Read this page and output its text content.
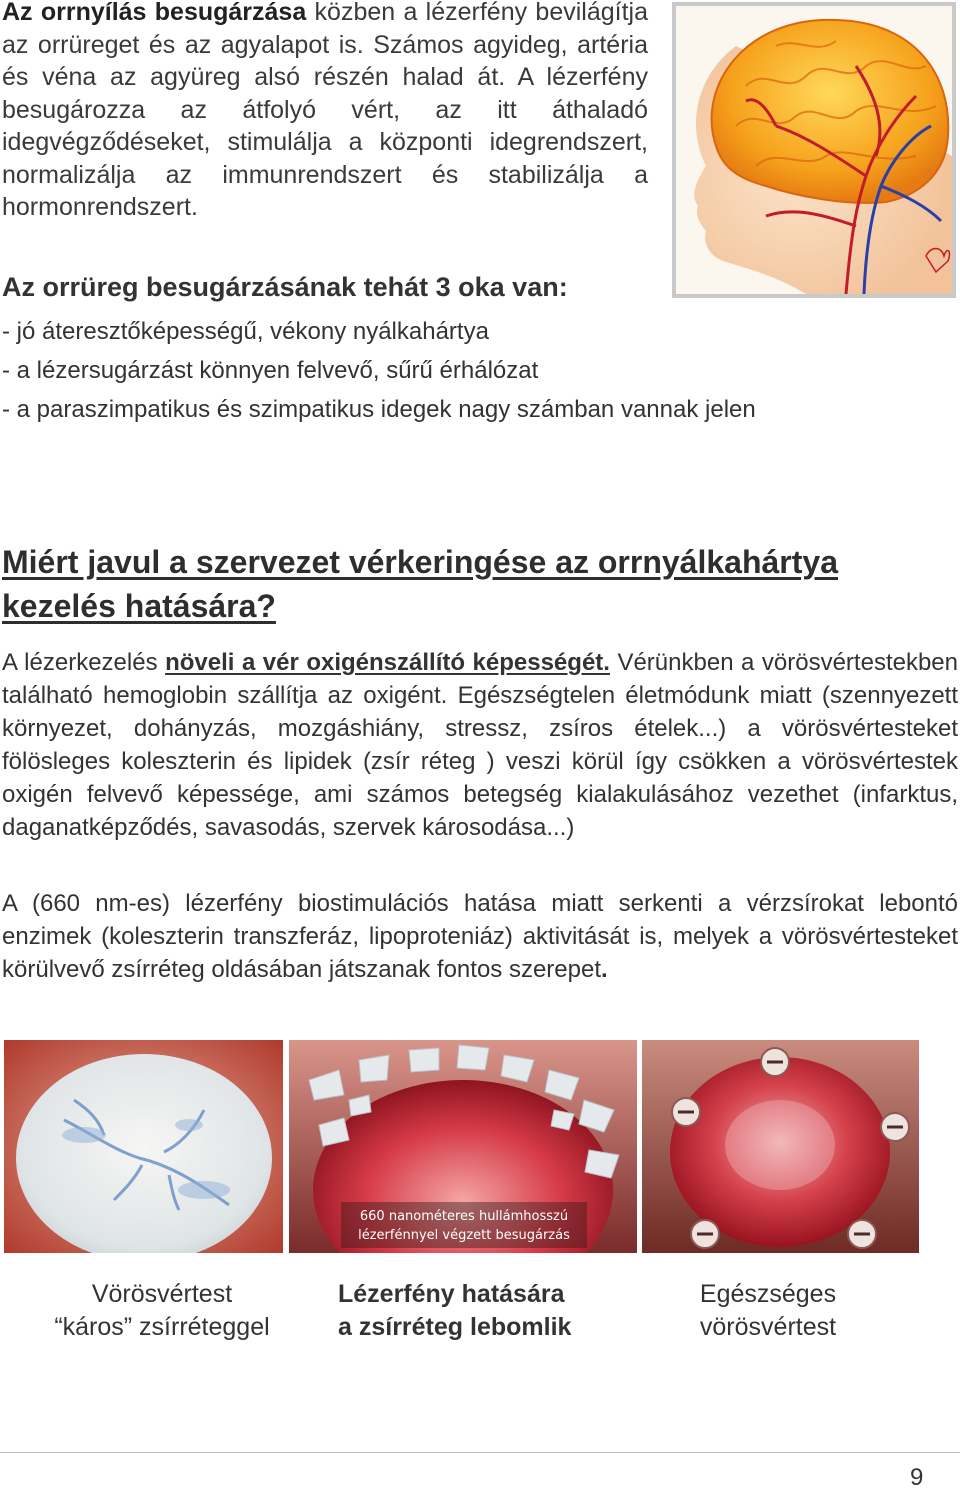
Az orrnyílás besugárzása közben a lézerfény bevilágítja az orrüreget és az agyalapot is. Számos agyideg, artéria és véna az agyüreg alsó részén halad át. A lézerfény besugározza az átfolyó vért, az itt áthaladó idegvégződéseket, stimulálja a központi idegrendszert, normalizálja az immunrendszert és stabilizálja a hormonrendszert.
Az orrüreg besugárzásának tehát 3 oka van:
- jó áteresztőképességű, vékony nyálkahártya
- a lézersugárzást könnyen felvevő, sűrű érhálózat
- a paraszimpatikus és szimpatikus idegek nagy számban vannak jelen
Miért javul a szervezet vérkeringése az orrnyálkahártya
kezelés hatására?
A lézerkezelés növeli a vér oxigénszállító képességét. Vérünkben a vörösvértestekben található hemoglobin szállítja az oxigént. Egészségtelen életmódunk miatt (szennyezett környezet, dohányzás, mozgáshiány, stressz, zsíros ételek...) a vörösvértesteket fölösleges koleszterin és lipidek (zsír réteg ) veszi körül így csökken a vörösvértestek oxigén felvevő képessége, ami számos betegség kialakulásához vezethet (infarktus, daganatképződés, savasodás, szervek károsodása...)
A (660 nm-es) lézerfény biostimulációs hatása miatt serkenti a vérzsírokat lebontó enzimek (koleszterin transzferáz, lipoproteniáz) aktivitását is, melyek a vörösvértesteket körülvevő zsírréteg oldásában játszanak fontos szerepet.
660 nanométeres hullámhosszú
lézerfénnyel végzett besugárzás
Vörösvértest
“káros” zsírréteggel
Lézerfény hatására
a zsírréteg lebomlik
Egészséges
vörösvértest
9
